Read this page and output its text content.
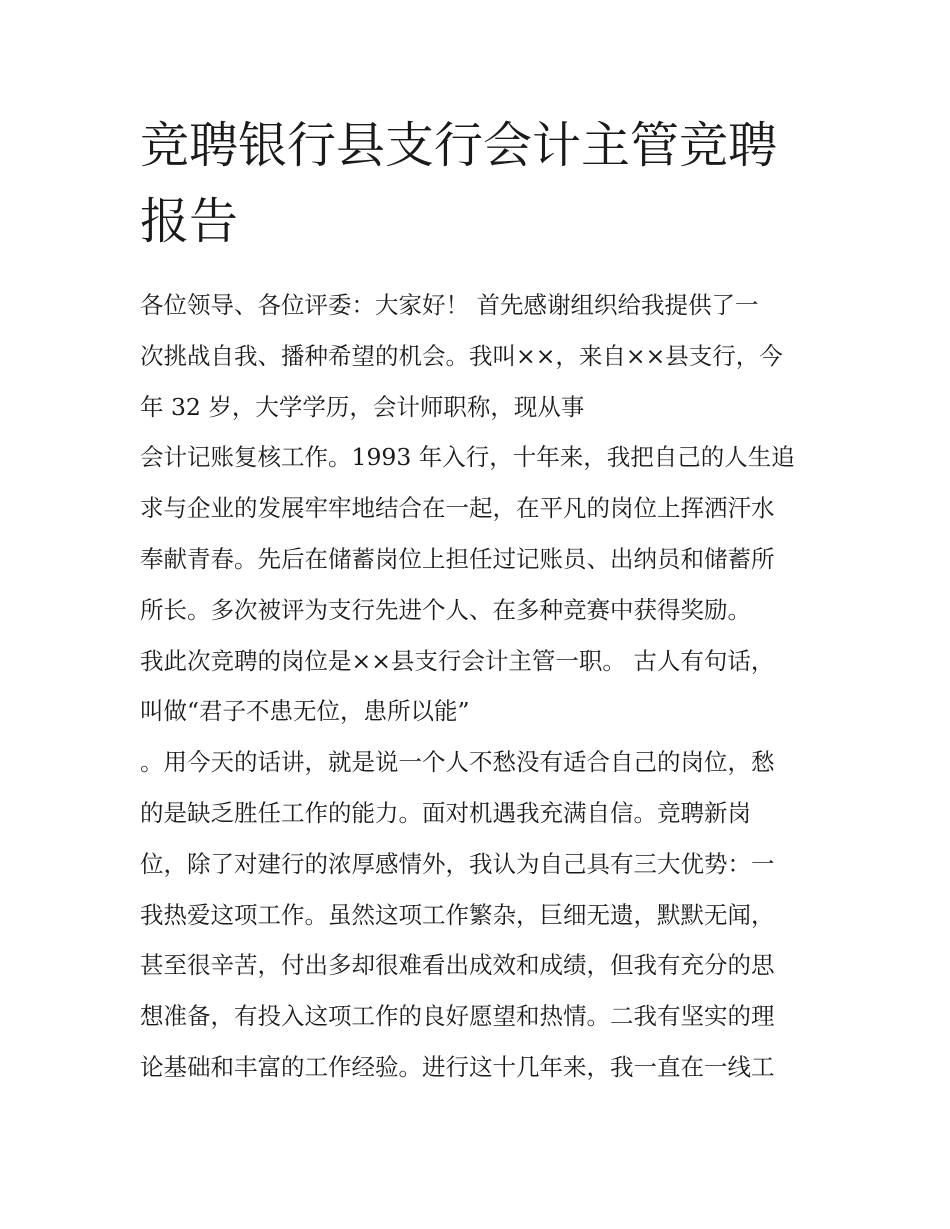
竞聘银行县支行会计主管竞聘
报告
各位领导、各位评委：大家好！ 首先感谢组织给我提供了一
次挑战自我、播种希望的机会。我叫××，来自××县支行，今
年 32 岁，大学学历，会计师职称，现从事
会计记账复核工作。1993 年入行，十年来，我把自己的人生追
求与企业的发展牢牢地结合在一起，在平凡的岗位上挥洒汗水
奉献青春。先后在储蓄岗位上担任过记账员、出纳员和储蓄所
所长。多次被评为支行先进个人、在多种竞赛中获得奖励。
我此次竞聘的岗位是××县支行会计主管一职。 古人有句话，
叫做“君子不患无位，患所以能”
。用今天的话讲，就是说一个人不愁没有适合自己的岗位，愁
的是缺乏胜任工作的能力。面对机遇我充满自信。竞聘新岗
位，除了对建行的浓厚感情外，我认为自己具有三大优势：一
我热爱这项工作。虽然这项工作繁杂，巨细无遗，默默无闻，
甚至很辛苦，付出多却很难看出成效和成绩，但我有充分的思
想准备，有投入这项工作的良好愿望和热情。二我有坚实的理
论基础和丰富的工作经验。进行这十几年来，我一直在一线工
